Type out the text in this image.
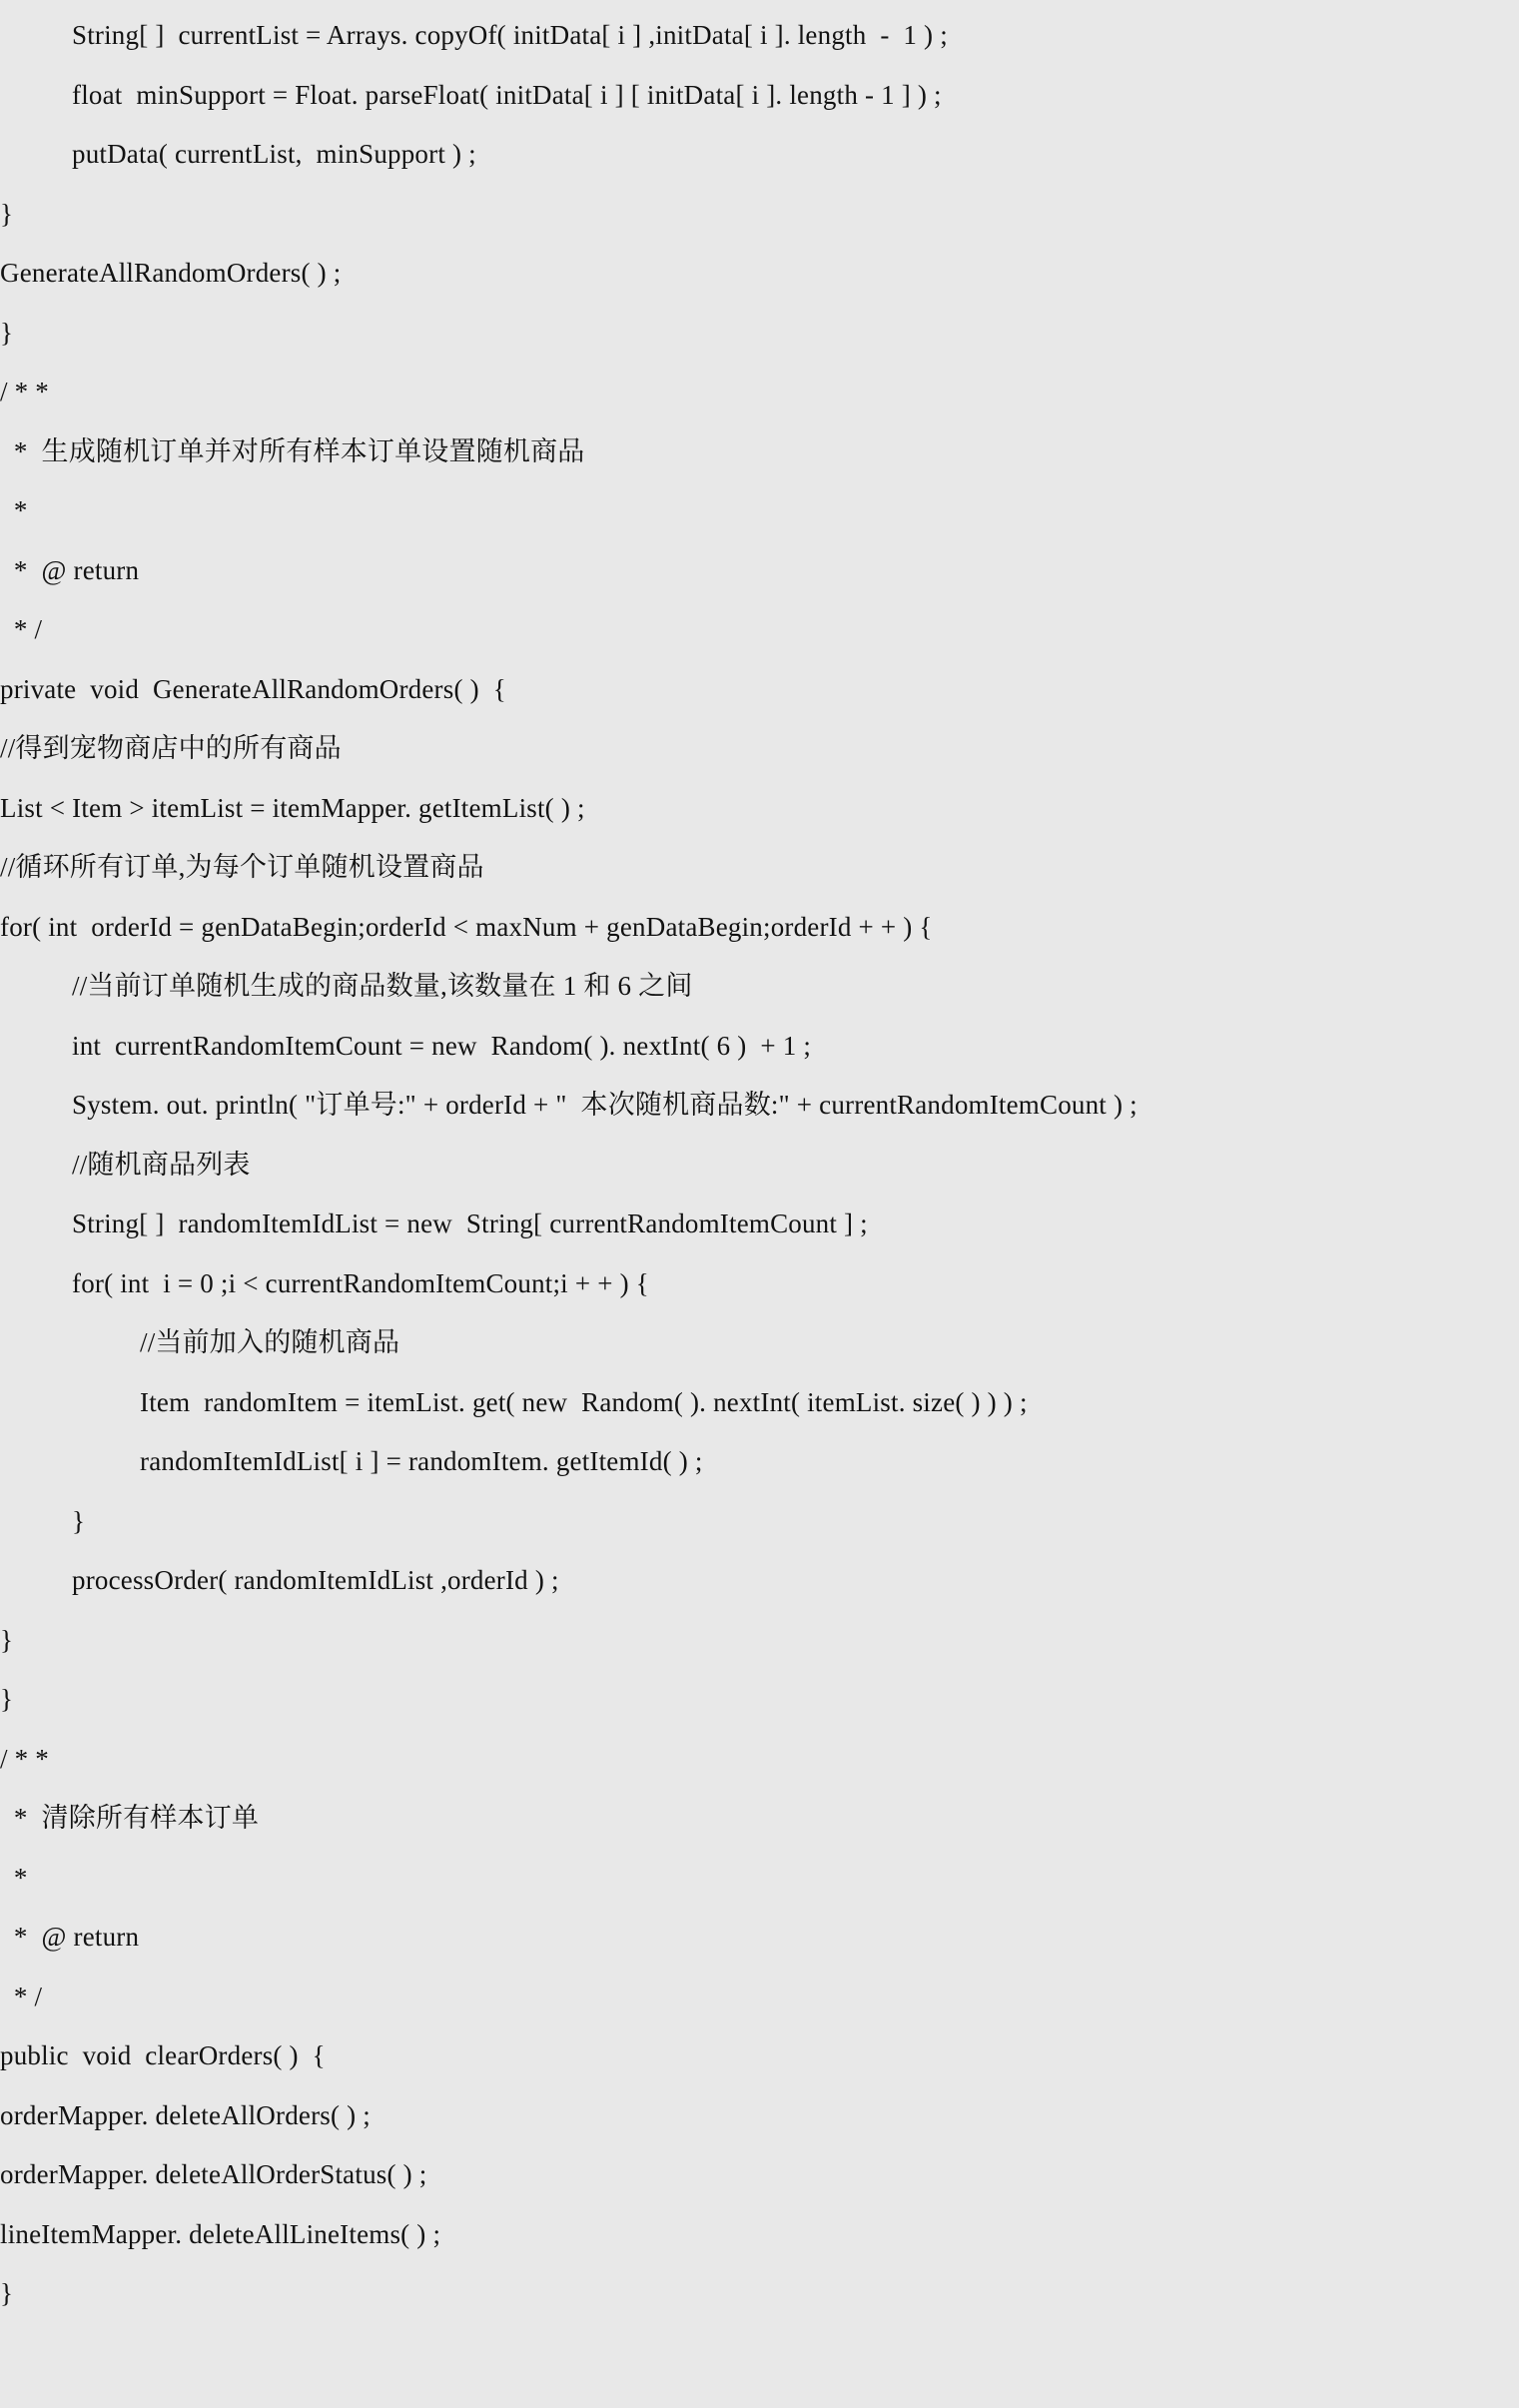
String[ ]  currentList = Arrays. copyOf( initData[ i ] ,initData[ i ]. length  -  1 ) ;
float  minSupport = Float. parseFloat( initData[ i ] [ initData[ i ]. length - 1 ] ) ;
putData( currentList,  minSupport ) ;
}
GenerateAllRandomOrders( ) ;
}
/ * *
*  生成随机订单并对所有样本订单设置随机商品
*
*  @ return
* /
private  void  GenerateAllRandomOrders( )  {
//得到宠物商店中的所有商品
List < Item > itemList = itemMapper. getItemList( ) ;
//循环所有订单,为每个订单随机设置商品
for( int  orderId = genDataBegin;orderId < maxNum + genDataBegin;orderId + + ) {
//当前订单随机生成的商品数量,该数量在 1 和 6 之间
int  currentRandomItemCount = new  Random( ). nextInt( 6 )  + 1 ;
System. out. println( "订单号:" + orderId + "  本次随机商品数:" + currentRandomItemCount ) ;
//随机商品列表
String[ ]  randomItemIdList = new  String[ currentRandomItemCount ] ;
for( int  i = 0 ;i < currentRandomItemCount;i + + ) {
//当前加入的随机商品
Item  randomItem = itemList. get( new  Random( ). nextInt( itemList. size( ) ) ) ;
randomItemIdList[ i ] = randomItem. getItemId( ) ;
}
processOrder( randomItemIdList ,orderId ) ;
}
}
/ * *
*  清除所有样本订单
*
*  @ return
* /
public  void  clearOrders( )  {
orderMapper. deleteAllOrders( ) ;
orderMapper. deleteAllOrderStatus( ) ;
lineItemMapper. deleteAllLineItems( ) ;
}
